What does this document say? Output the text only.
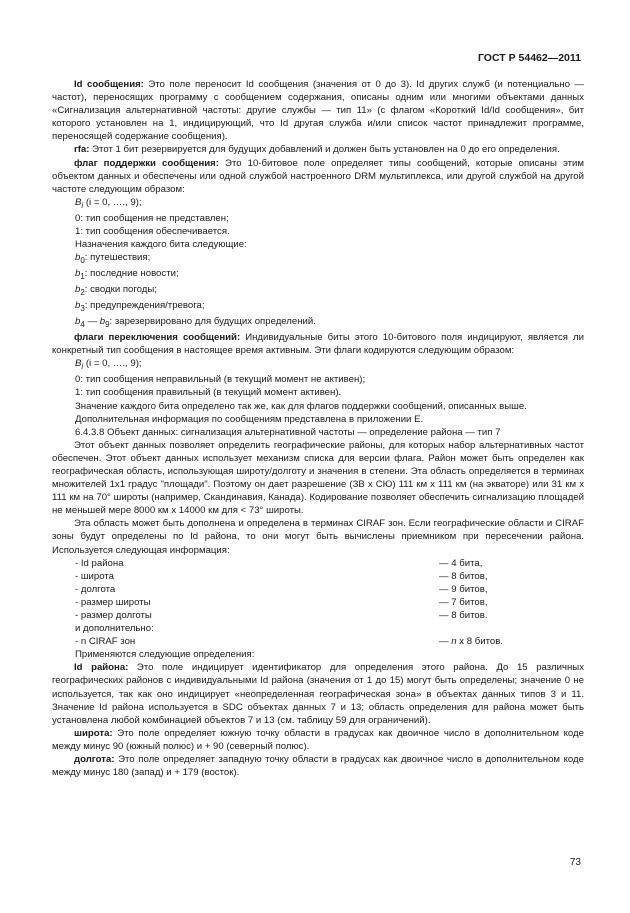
ГОСТ Р 54462—2011

Id сообщения: Это поле переносит Id сообщения (значения от 0 до 3). Id других служб (и потенциально — частот), переносящих программу с сообщением содержания, описаны одним или многими объектами данных «Сигнализация альтернативной частоты: другие службы — тип 11» (с флагом «Короткий Id/Id сообщения», бит которого установлен на 1, индицирующий, что Id другая служба и/или список частот принадлежит программе, переносящей содержание сообщения).

rfa: Этот 1 бит резервируется для будущих добавлений и должен быть установлен на 0 до его определения.

флаг поддержки сообщения: Это 10-битовое поле определяет типы сообщений, которые описаны этим объектом данных и обеспечены или одной службой настроенного DRM мультиплекса, или другой службой на другой частоте следующим образом:

$B_i$ (i = 0, …., 9);

0: тип сообщения не представлен;

1: тип сообщения обеспечивается.

Назначения каждого бита следующие:

$b_0$: путешествия;

$b_1$: последние новости;

$b_2$: сводки погоды;

$b_3$: предупреждения/тревога;

$b_4$ — $b_9$: зарезервировано для будущих определений.

флаги переключения сообщений: Индивидуальные биты этого 10-битового поля индицируют, является ли конкретный тип сообщения в настоящее время активным. Эти флаги кодируются следующим образом:

$B_i$ (i = 0, …., 9);

0: тип сообщения неправильный (в текущий момент не активен);

1: тип сообщения правильный (в текущий момент активен).

Значение каждого бита определено так же, как для флагов поддержки сообщений, описанных выше.

Дополнительная информация по сообщениям представлена в приложении Е.

6.4.3.8 Объект данных: сигнализация альтернативной частоты — определение района — тип 7

Этот объект данных позволяет определить географические районы, для которых набор альтернативных частот обеспечен. Этот объект данных использует механизм списка для версии флага. Район может быть определен как географическая область, использующая широту/долготу и значения в степени. Эта область определяется в терминах множителей 1х1 градус "площади". Поэтому он дает разрешение (ЗВ х СЮ) 111 км х 111 км (на экваторе) или 31 км х 111 км на 70° широты (например, Скандинавия, Канада). Кодирование позволяет обеспечить сигнализацию площадей не меньшей мере 8000 км х 14000 км для < 73° широты.

Эта область может быть дополнена и определена в терминах CIRAF зон. Если географические области и CIRAF зоны будут определены по Id района, то они могут быть вычислены приемником при пересечении района. Используется следующая информация:

- Id района	— 4 бита,
- широта	— 8 битов,
- долгота	— 9 битов,
- размер широты	— 7 битов,
- размер долготы	— 8 битов.

и дополнительно:

- n CIRAF зон	— n х 8 битов.

Применяются следующие определения:

Id района: Это поле индицирует идентификатор для определения этого района. До 15 различных географических районов с индивидуальными Id района (значения от 1 до 15) могут быть определены; значение 0 не используется, так как оно индицирует «неопределенная географическая зона» в объектах данных типов 3 и 11. Значение Id района используется в SDC объектах данных 7 и 13; область определения для района может быть установлена любой комбинацией объектов 7 и 13 (см. таблицу 59 для ограничений).

широта: Это поле определяет южную точку области в градусах как двоичное число в дополнительном коде между минус 90 (южный полюс) и + 90 (северный полюс).

долгота: Это поле определяет западную точку области в градусах как двоичное число в дополнительном коде между минус 180 (запад) и + 179 (восток).

73
